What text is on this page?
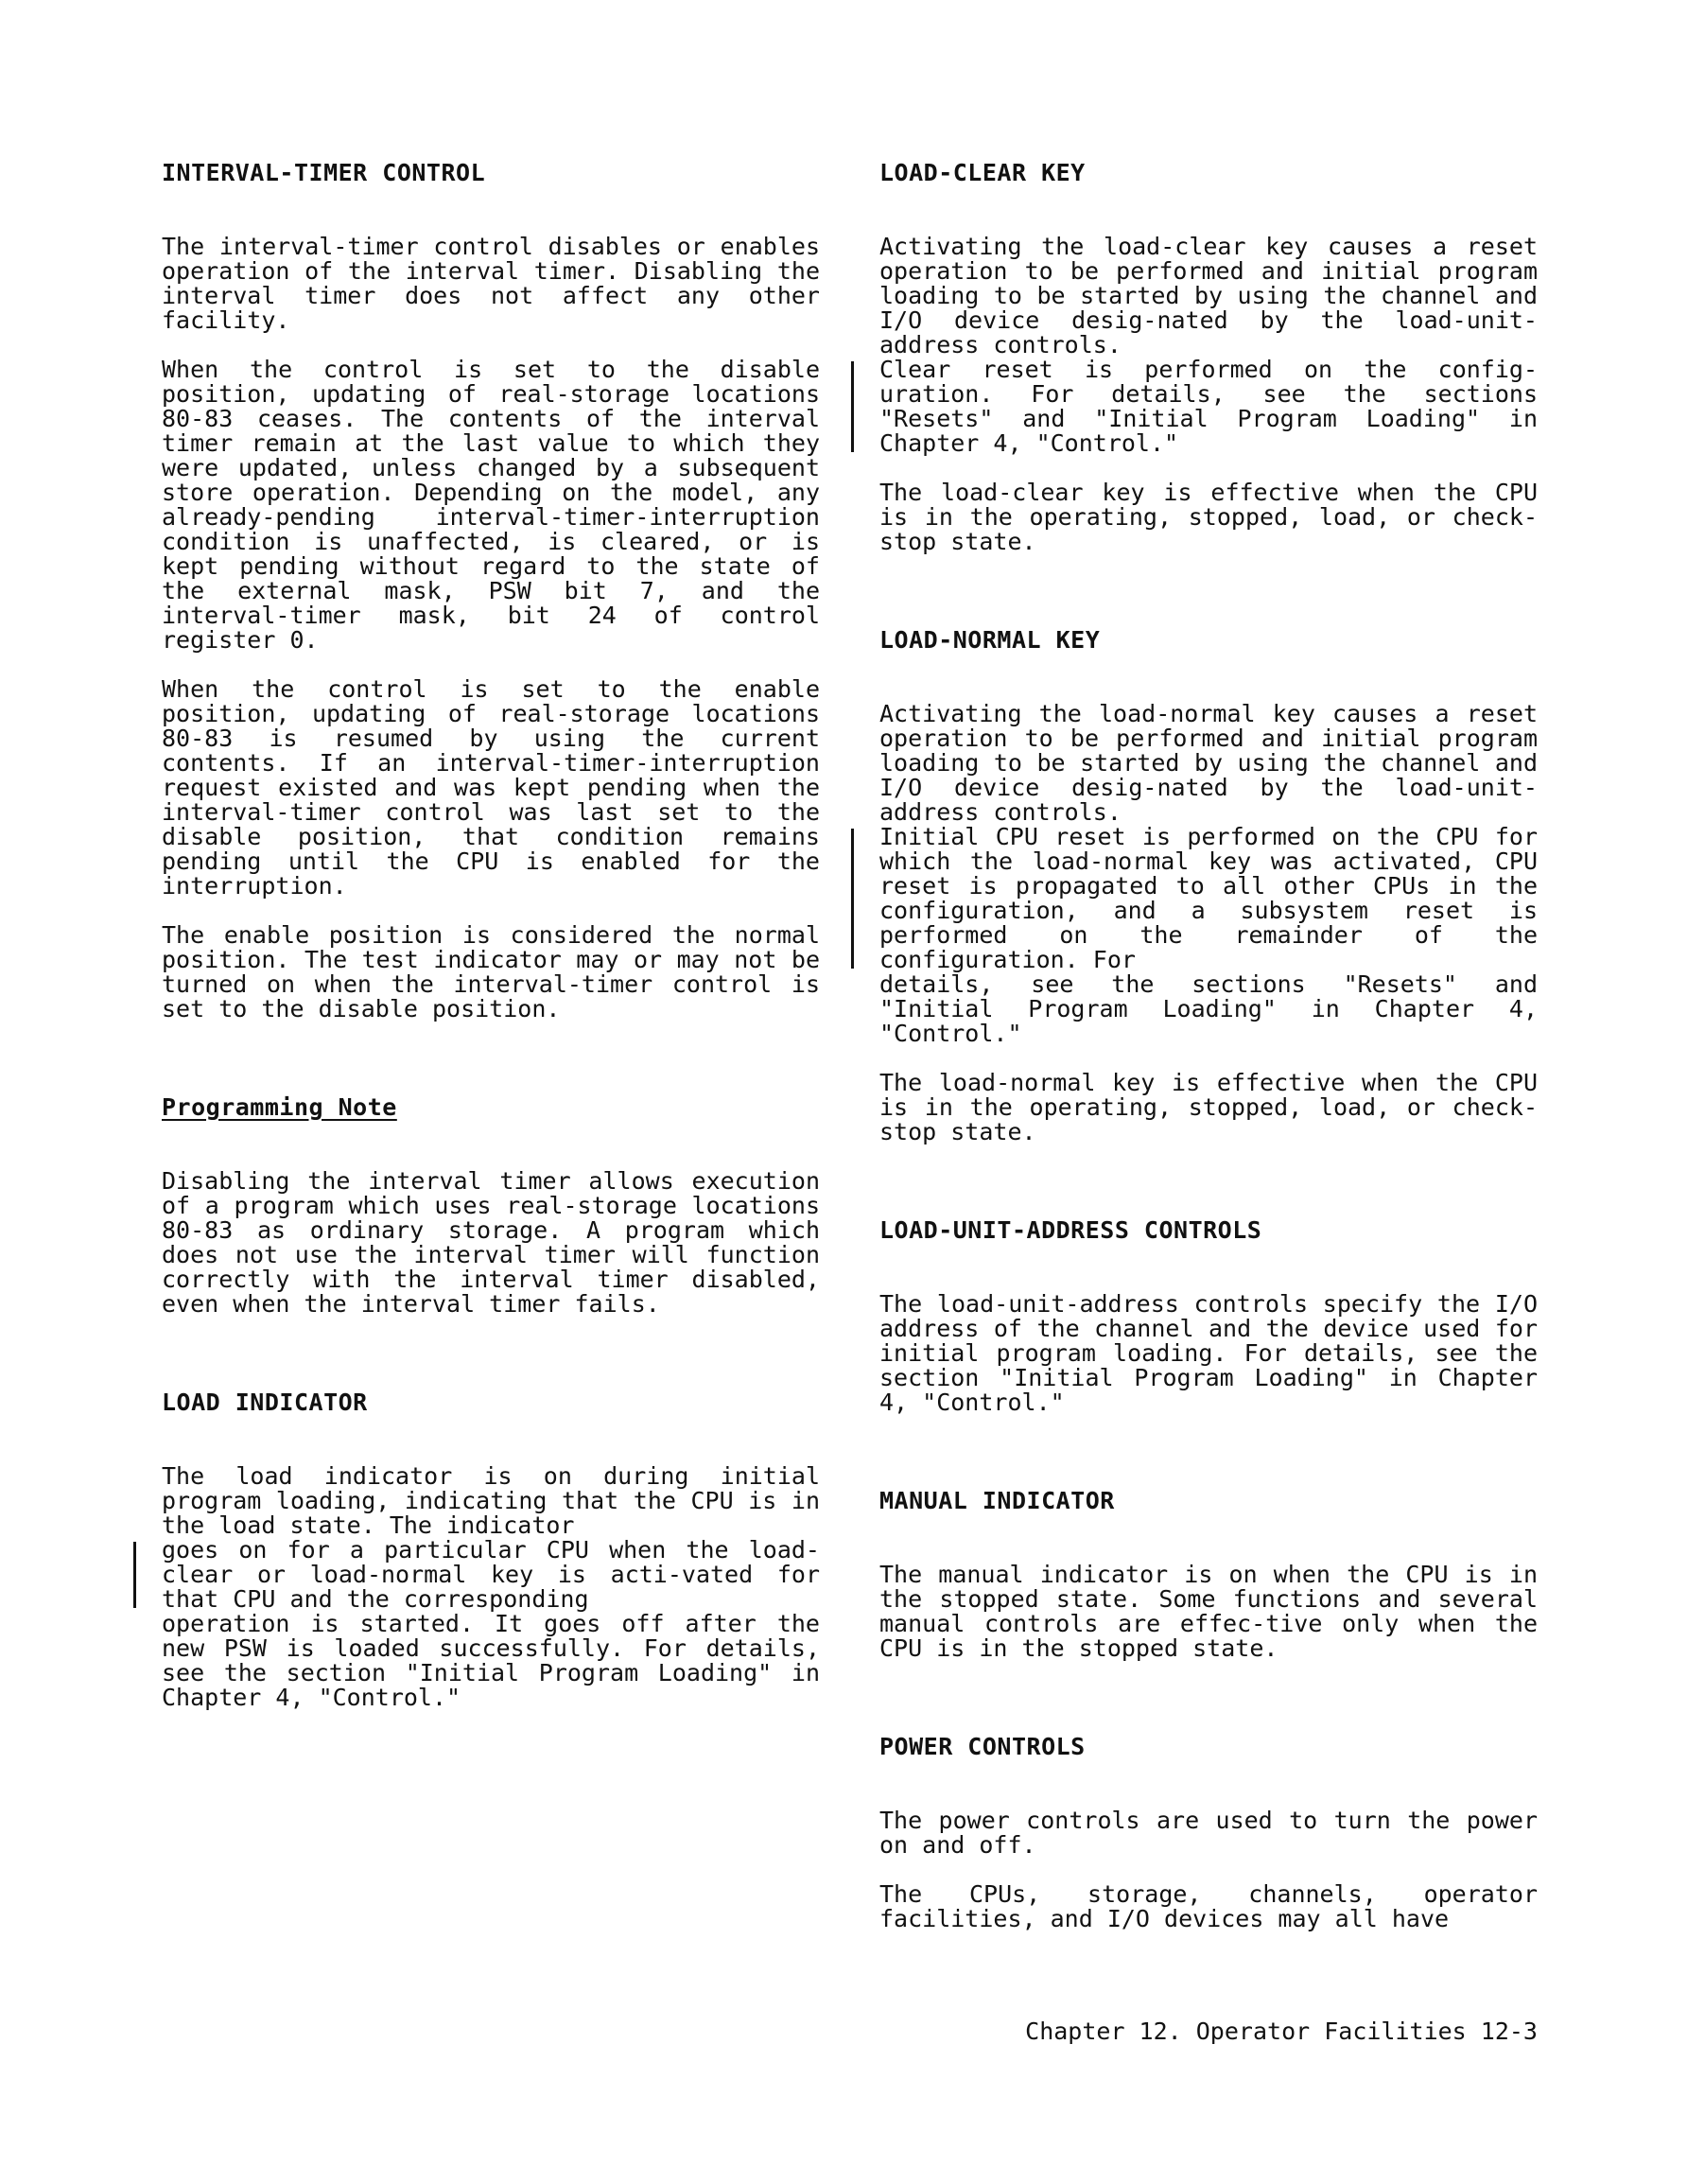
INTERVAL-TIMER CONTROL

The interval-timer control disables or enables operation of the interval timer. Disabling the interval timer does not affect any other facility.

When the control is set to the disable position, updating of real-storage locations 80-83 ceases. The contents of the interval timer remain at the last value to which they were updated, unless changed by a subsequent store operation. Depending on the model, any already-pending interval-timer-interruption condition is unaffected, is cleared, or is kept pending without regard to the state of the external mask, PSW bit 7, and the interval-timer mask, bit 24 of control register 0.

When the control is set to the enable position, updating of real-storage locations 80-83 is resumed by using the current contents. If an interval-timer-interruption request existed and was kept pending when the interval-timer control was last set to the disable position, that condition remains pending until the CPU is enabled for the interruption.

The enable position is considered the normal position. The test indicator may or may not be turned on when the interval-timer control is set to the disable position.

Programming Note

Disabling the interval timer allows execution of a program which uses real-storage locations 80-83 as ordinary storage. A program which does not use the interval timer will function correctly with the interval timer disabled, even when the interval timer fails.

LOAD INDICATOR

The load indicator is on during initial program loading, indicating that the CPU is in the load state. The indicator

goes on for a particular CPU when the load-clear or load-normal key is acti-vated for that CPU and the corresponding

operation is started. It goes off after the new PSW is loaded successfully. For details, see the section "Initial Program Loading" in Chapter 4, "Control."

LOAD-CLEAR KEY

Activating the load-clear key causes a reset operation to be performed and initial program loading to be started by using the channel and I/O device desig-nated by the load-unit-address controls.

Clear reset is performed on the config-uration. For details, see the sections "Resets" and "Initial Program Loading" in Chapter 4, "Control."

The load-clear key is effective when the CPU is in the operating, stopped, load, or check-stop state.

LOAD-NORMAL KEY

Activating the load-normal key causes a reset operation to be performed and initial program loading to be started by using the channel and I/O device desig-nated by the load-unit-address controls.

Initial CPU reset is performed on the CPU for which the load-normal key was activated, CPU reset is propagated to all other CPUs in the configuration, and a subsystem reset is performed on the remainder of the configuration. For

details, see the sections "Resets" and "Initial Program Loading" in Chapter 4, "Control."

The load-normal key is effective when the CPU is in the operating, stopped, load, or check-stop state.

LOAD-UNIT-ADDRESS CONTROLS

The load-unit-address controls specify the I/O address of the channel and the device used for initial program loading. For details, see the section "Initial Program Loading" in Chapter 4, "Control."

MANUAL INDICATOR

The manual indicator is on when the CPU is in the stopped state. Some functions and several manual controls are effec-tive only when the CPU is in the stopped state.

POWER CONTROLS

The power controls are used to turn the power on and off.

The CPUs, storage, channels, operator facilities, and I/O devices may all have

Chapter 12. Operator Facilities 12-3
